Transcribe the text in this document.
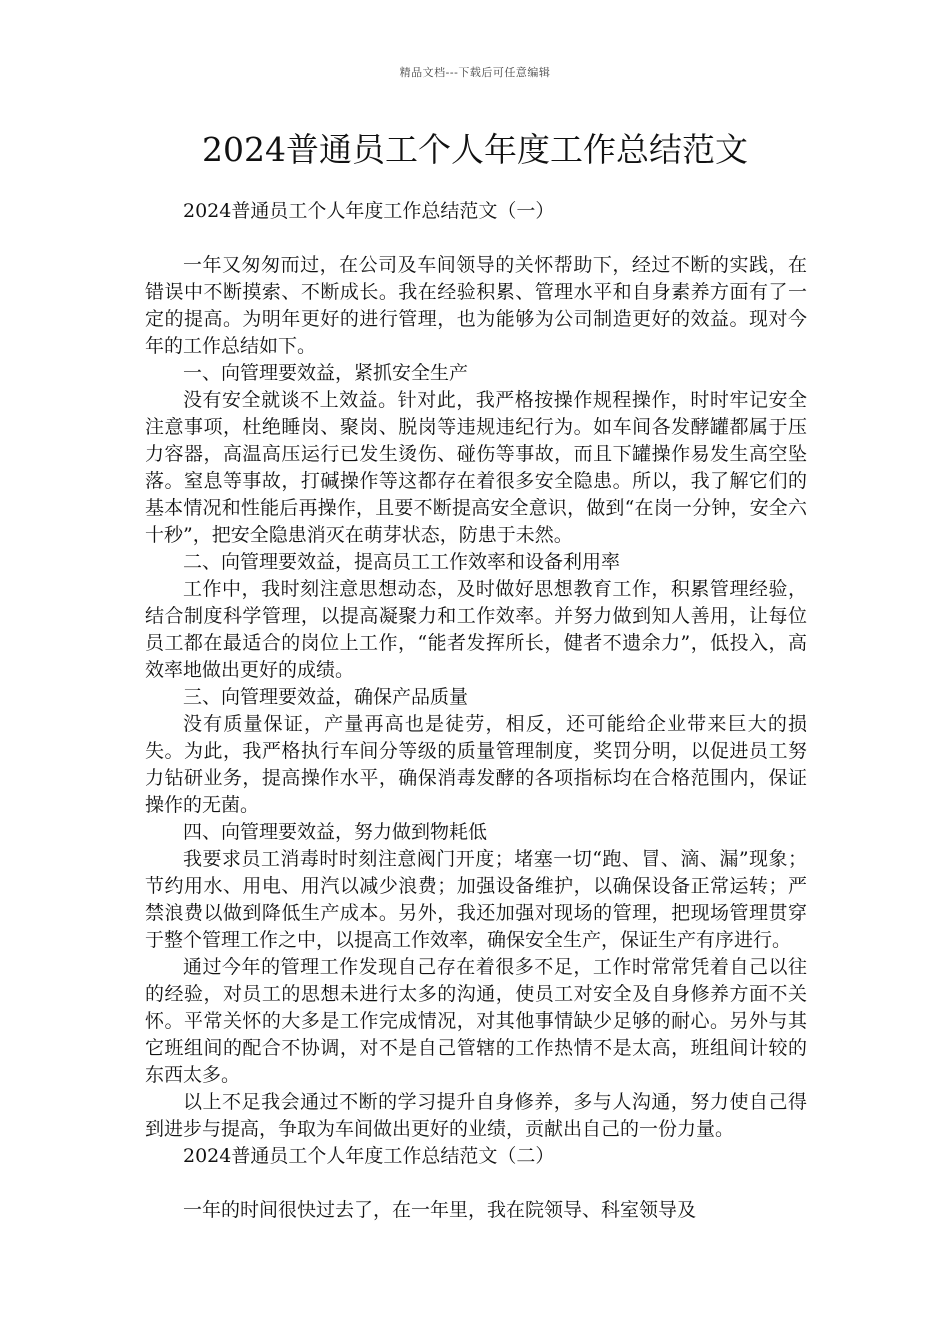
精品文档---下载后可任意编辑
2024普通员工个人年度工作总结范文

2024普通员工个人年度工作总结范文（一）

一年又匆匆而过，在公司及车间领导的关怀帮助下，经过不断的实践，在错误中不断摸索、不断成长。我在经验积累、管理水平和自身素养方面有了一定的提高。为明年更好的进行管理，也为能够为公司制造更好的效益。现对今年的工作总结如下。

一、向管理要效益，紧抓安全生产

没有安全就谈不上效益。针对此，我严格按操作规程操作，时时牢记安全注意事项，杜绝睡岗、聚岗、脱岗等违规违纪行为。如车间各发酵罐都属于压力容器，高温高压运行已发生烫伤、碰伤等事故，而且下罐操作易发生高空坠落。窒息等事故，打碱操作等这都存在着很多安全隐患。所以，我了解它们的基本情况和性能后再操作，且要不断提高安全意识，做到“在岗一分钟，安全六十秒”，把安全隐患消灭在萌芽状态，防患于未然。

二、向管理要效益，提高员工工作效率和设备利用率

工作中，我时刻注意思想动态，及时做好思想教育工作，积累管理经验，结合制度科学管理，以提高凝聚力和工作效率。并努力做到知人善用，让每位员工都在最适合的岗位上工作，“能者发挥所长，健者不遗余力”，低投入，高效率地做出更好的成绩。

三、向管理要效益，确保产品质量

没有质量保证，产量再高也是徒劳，相反，还可能给企业带来巨大的损失。为此，我严格执行车间分等级的质量管理制度，奖罚分明，以促进员工努力钻研业务，提高操作水平，确保消毒发酵的各项指标均在合格范围内，保证操作的无菌。

四、向管理要效益，努力做到物耗低

我要求员工消毒时时刻注意阀门开度；堵塞一切“跑、冒、滴、漏”现象；节约用水、用电、用汽以减少浪费；加强设备维护，以确保设备正常运转；严禁浪费以做到降低生产成本。另外，我还加强对现场的管理，把现场管理贯穿于整个管理工作之中，以提高工作效率，确保安全生产，保证生产有序进行。

通过今年的管理工作发现自己存在着很多不足，工作时常常凭着自己以往的经验，对员工的思想未进行太多的沟通，使员工对安全及自身修养方面不关怀。平常关怀的大多是工作完成情况，对其他事情缺少足够的耐心。另外与其它班组间的配合不协调，对不是自己管辖的工作热情不是太高，班组间计较的东西太多。

以上不足我会通过不断的学习提升自身修养，多与人沟通，努力使自己得到进步与提高，争取为车间做出更好的业绩，贡献出自己的一份力量。

2024普通员工个人年度工作总结范文（二）

一年的时间很快过去了，在一年里，我在院领导、科室领导及
